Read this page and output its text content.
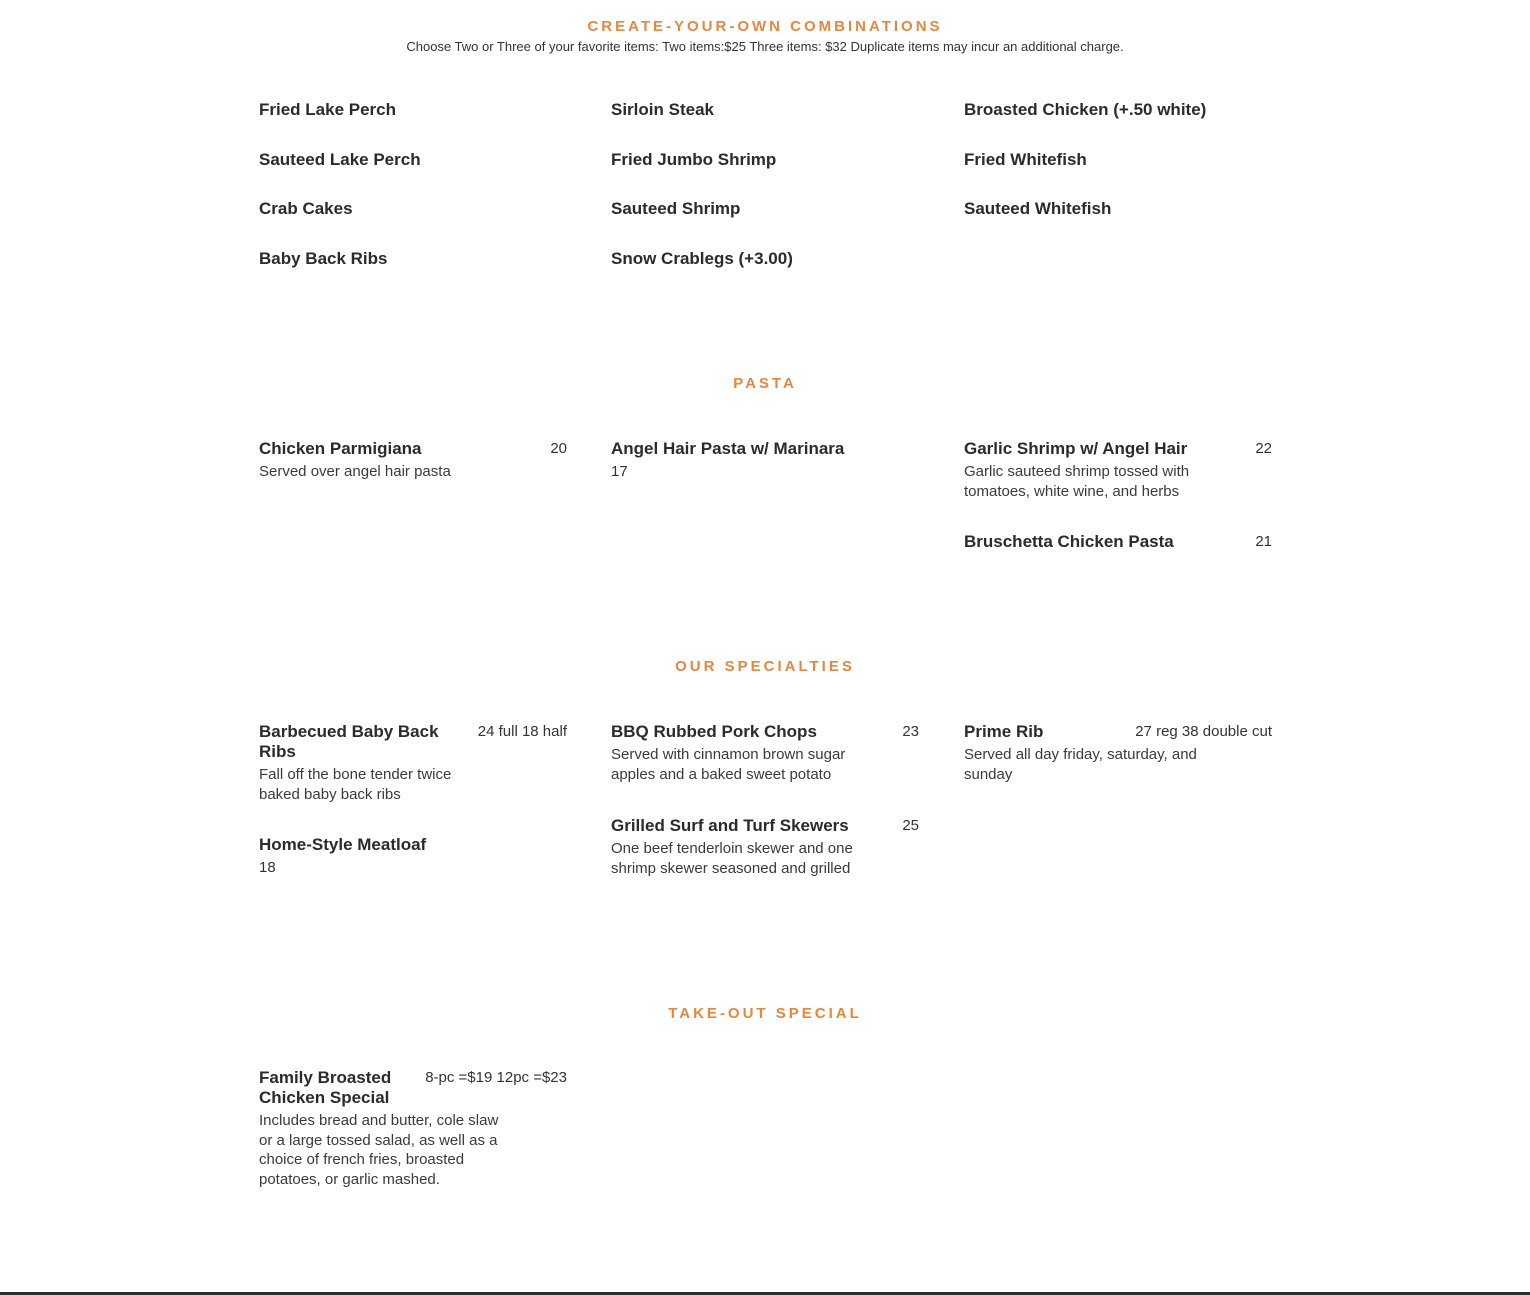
CREATE-YOUR-OWN COMBINATIONS

Choose Two or Three of your favorite items: Two items:$25 Three items: $32 Duplicate items may incur an additional charge.

Fried Lake Perch
Sauteed Lake Perch
Crab Cakes
Baby Back Ribs
Sirloin Steak
Fried Jumbo Shrimp
Sauteed Shrimp
Snow Crablegs (+3.00)
Broasted Chicken (+.50 white)
Fried Whitefish
Sauteed Whitefish
PASTA
Chicken Parmigiana	20
Served over angel hair pasta
Angel Hair Pasta w/ Marinara
17
Garlic Shrimp w/ Angel Hair	22
Garlic sauteed shrimp tossed with tomatoes, white wine, and herbs
Bruschetta Chicken Pasta	21
OUR SPECIALTIES
Barbecued Baby Back Ribs
24 full 18 half
Fall off the bone tender twice baked baby back ribs
Home-Style Meatloaf
18
BBQ Rubbed Pork Chops	23
Served with cinnamon brown sugar apples and a baked sweet potato
Grilled Surf and Turf Skewers	25
One beef tenderloin skewer and one shrimp skewer seasoned and grilled
Prime Rib	27 reg 38 double cut
Served all day friday, saturday, and sunday
TAKE-OUT SPECIAL
Family Broasted Chicken Special
8-pc =$19 12pc =$23
Includes bread and butter, cole slaw or a large tossed salad, as well as a choice of french fries, broasted potatoes, or garlic mashed.
